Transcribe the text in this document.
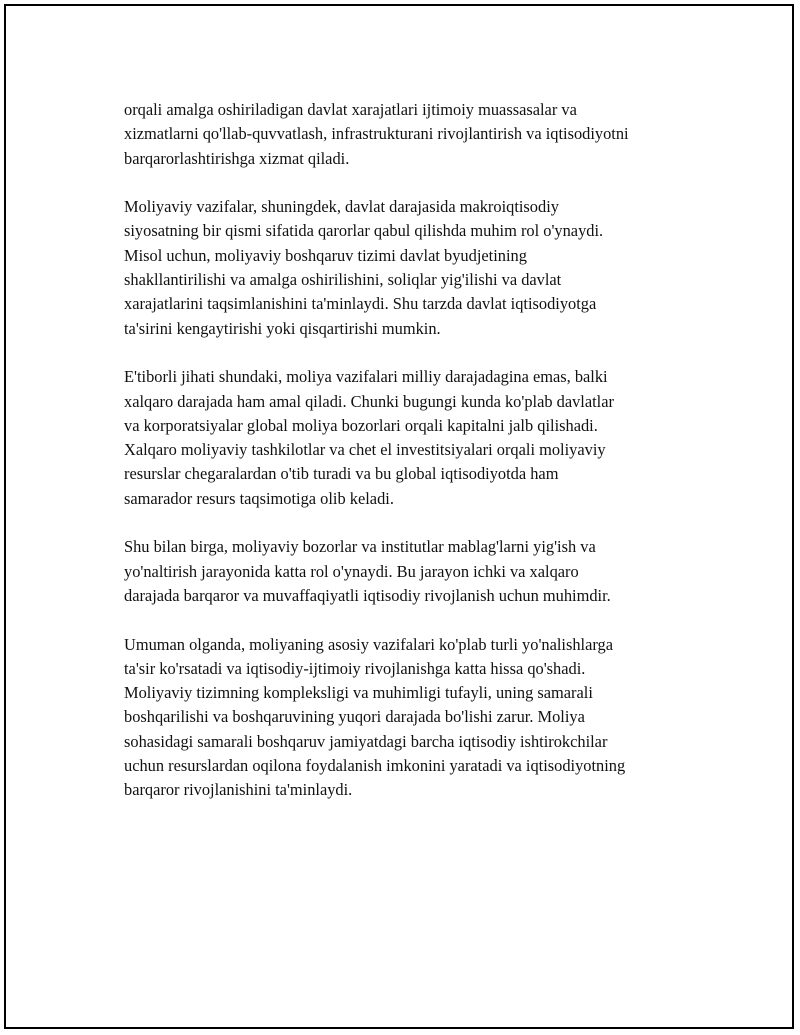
orqali amalga oshiriladigan davlat xarajatlari ijtimoiy muassasalar va
xizmatlarni qo'llab-quvvatlash, infrastrukturani rivojlantirish va iqtisodiyotni
barqarorlashtirishga xizmat qiladi.

Moliyaviy vazifalar, shuningdek, davlat darajasida makroiqtisodiy
siyosatning bir qismi sifatida qarorlar qabul qilishda muhim rol o'ynaydi.
Misol uchun, moliyaviy boshqaruv tizimi davlat byudjetining
shakllantirilishi va amalga oshirilishini, soliqlar yig'ilishi va davlat
xarajatlarini taqsimlanishini ta'minlaydi. Shu tarzda davlat iqtisodiyotga
ta'sirini kengaytirishi yoki qisqartirishi mumkin.

E'tiborli jihati shundaki, moliya vazifalari milliy darajadagina emas, balki
xalqaro darajada ham amal qiladi. Chunki bugungi kunda ko'plab davlatlar
va korporatsiyalar global moliya bozorlari orqali kapitalni jalb qilishadi.
Xalqaro moliyaviy tashkilotlar va chet el investitsiyalari orqali moliyaviy
resurslar chegaralardan o'tib turadi va bu global iqtisodiyotda ham
samarador resurs taqsimotiga olib keladi.

Shu bilan birga, moliyaviy bozorlar va institutlar mablag'larni yig'ish va
yo'naltirish jarayonida katta rol o'ynaydi. Bu jarayon ichki va xalqaro
darajada barqaror va muvaffaqiyatli iqtisodiy rivojlanish uchun muhimdir.

Umuman olganda, moliyaning asosiy vazifalari ko'plab turli yo'nalishlarga
ta'sir ko'rsatadi va iqtisodiy-ijtimoiy rivojlanishga katta hissa qo'shadi.
Moliyaviy tizimning kompleksligi va muhimligi tufayli, uning samarali
boshqarilishi va boshqaruvining yuqori darajada bo'lishi zarur. Moliya
sohasidagi samarali boshqaruv jamiyatdagi barcha iqtisodiy ishtirokchilar
uchun resurslardan oqilona foydalanish imkonini yaratadi va iqtisodiyotning
barqaror rivojlanishini ta'minlaydi.
